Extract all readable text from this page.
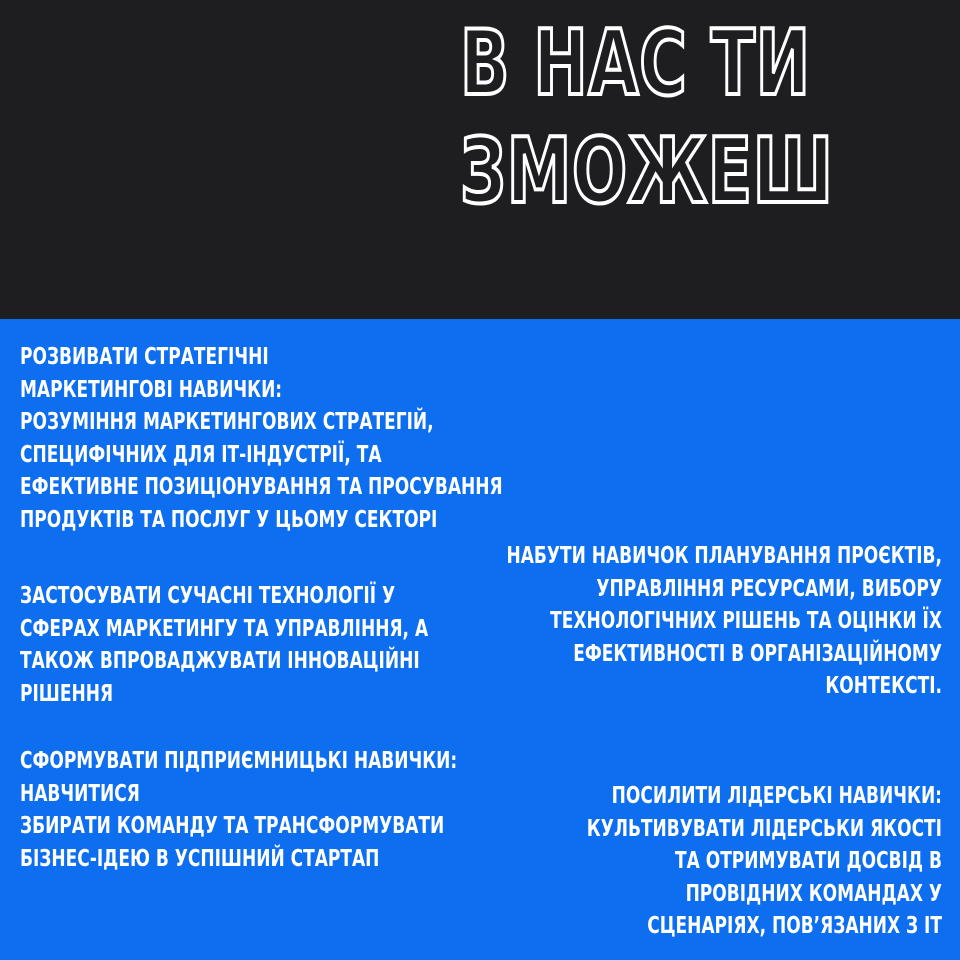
В НАС ТИ
ЗМОЖЕШ

РОЗВИВАТИ СТРАТЕГІЧНІ
МАРКЕТИНГОВІ НАВИЧКИ:
РОЗУМІННЯ МАРКЕТИНГОВИХ СТРАТЕГІЙ,
СПЕЦИФІЧНИХ ДЛЯ ІТ-ІНДУСТРІЇ, ТА
ЕФЕКТИВНЕ ПОЗИЦІОНУВАННЯ ТА ПРОСУВАННЯ
ПРОДУКТІВ ТА ПОСЛУГ У ЦЬОМУ СЕКТОРІ

ЗАСТОСУВАТИ СУЧАСНІ ТЕХНОЛОГІЇ У
СФЕРАХ МАРКЕТИНГУ ТА УПРАВЛІННЯ, А
ТАКОЖ ВПРОВАДЖУВАТИ ІННОВАЦІЙНІ
РІШЕННЯ

СФОРМУВАТИ ПІДПРИЄМНИЦЬКІ НАВИЧКИ:
НАВЧИТИСЯ
ЗБИРАТИ КОМАНДУ ТА ТРАНСФОРМУВАТИ
БІЗНЕС-ІДЕЮ В УСПІШНИЙ СТАРТАП

НАБУТИ НАВИЧОК ПЛАНУВАННЯ ПРОЄКТІВ,
УПРАВЛІННЯ РЕСУРСАМИ, ВИБОРУ
ТЕХНОЛОГІЧНИХ РІШЕНЬ ТА ОЦІНКИ ЇХ
ЕФЕКТИВНОСТІ В ОРГАНІЗАЦІЙНОМУ
КОНТЕКСТІ.

ПОСИЛИТИ ЛІДЕРСЬКІ НАВИЧКИ:
КУЛЬТИВУВАТИ ЛІДЕРСЬКИ ЯКОСТІ
ТА ОТРИМУВАТИ ДОСВІД В
ПРОВІДНИХ КОМАНДАХ У
СЦЕНАРІЯХ, ПОВ’ЯЗАНИХ З ІТ
